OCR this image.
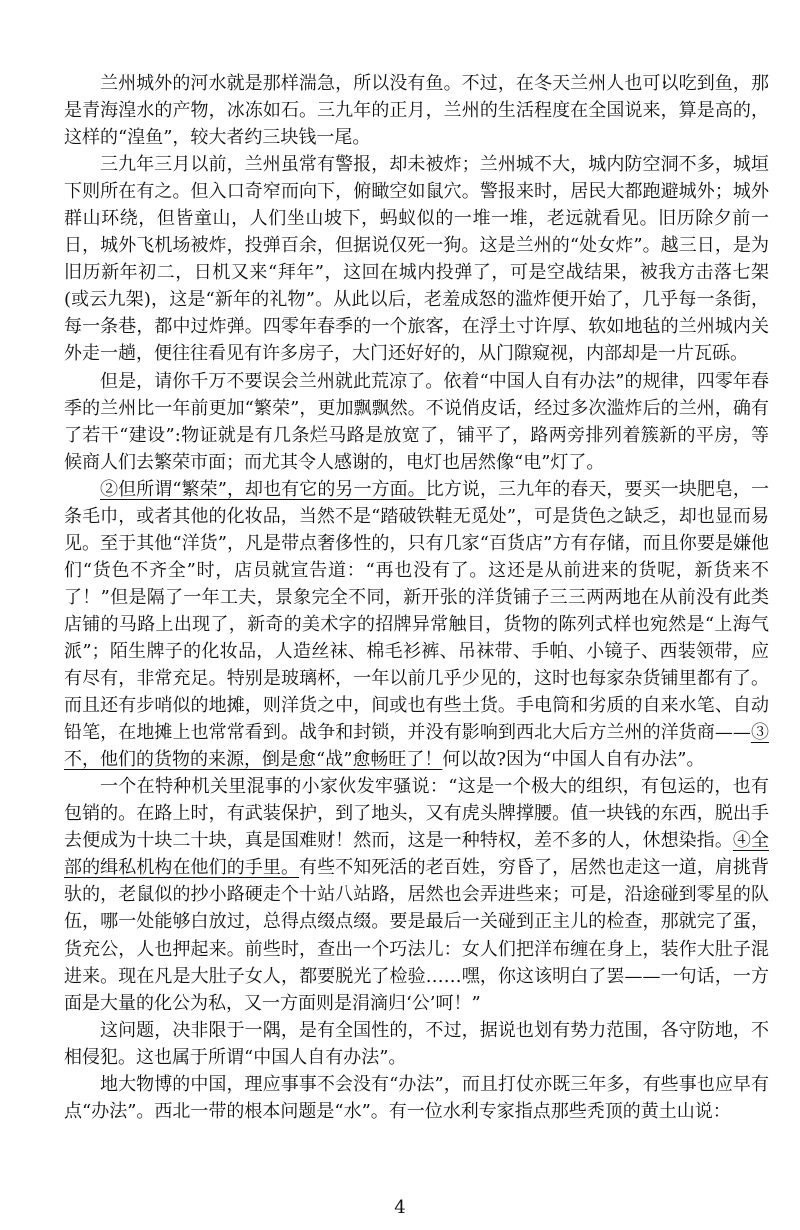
兰州城外的河水就是那样湍急，所以没有鱼。不过，在冬天兰州人也可以吃到鱼，那是青海湟水的产物，冰冻如石。三九年的正月，兰州的生活程度在全国说来，算是高的，这样的“湟鱼”，较大者约三块钱一尾。

三九年三月以前，兰州虽常有警报，却未被炸；兰州城不大，城内防空洞不多，城垣下则所在有之。但入口奇窄而向下，俯瞰空如鼠穴。警报来时，居民大都跑避城外；城外群山环绕，但皆童山，人们坐山坡下，蚂蚁似的一堆一堆，老远就看见。旧历除夕前一日，城外飞机场被炸，投弹百余，但据说仅死一狗。这是兰州的“处女炸”。越三日，是为旧历新年初二，日机又来“拜年”，这回在城内投弹了，可是空战结果，被我方击落七架(或云九架)，这是“新年的礼物”。从此以后，老羞成怒的滥炸便开始了，几乎每一条街，每一条巷，都中过炸弹。四零年春季的一个旅客，在浮土寸许厚、软如地毡的兰州城内关外走一趟，便往往看见有许多房子，大门还好好的，从门隙窥视，内部却是一片瓦砾。

但是，请你千万不要误会兰州就此荒凉了。依着“中国人自有办法”的规律，四零年春季的兰州比一年前更加“繁荣”，更加飘飘然。不说俏皮话，经过多次滥炸后的兰州，确有了若干“建设”:物证就是有几条烂马路是放宽了，铺平了，路两旁排列着簇新的平房，等候商人们去繁荣市面；而尤其令人感谢的，电灯也居然像“电”灯了。

②但所谓“繁荣”，却也有它的另一方面。比方说，三九年的春天，要买一块肥皂，一条毛巾，或者其他的化妆品，当然不是“踏破铁鞋无觅处”，可是货色之缺乏，却也显而易见。至于其他“洋货”，凡是带点奢侈性的，只有几家“百货店”方有存储，而且你要是嫌他们“货色不齐全”时，店员就宣告道：“再也没有了。这还是从前进来的货呢，新货来不了！”但是隔了一年工夫，景象完全不同，新开张的洋货铺子三三两两地在从前没有此类店铺的马路上出现了，新奇的美术字的招牌异常触目，货物的陈列式样也宛然是“上海气派”；陌生牌子的化妆品，人造丝袜、棉毛衫裤、吊袜带、手帕、小镜子、西装领带，应有尽有，非常充足。特别是玻璃杯，一年以前几乎少见的，这时也每家杂货铺里都有了。而且还有步哨似的地摊，则洋货之中，间或也有些土货。手电筒和劣质的自来水笔、自动铅笔，在地摊上也常常看到。战争和封锁，并没有影响到西北大后方兰州的洋货商——③不，他们的货物的来源，倒是愈“战”愈畅旺了！何以故?因为“中国人自有办法”。

一个在特种机关里混事的小家伙发牢骚说：“这是一个极大的组织，有包运的，也有包销的。在路上时，有武装保护，到了地头，又有虎头牌撑腰。值一块钱的东西，脱出手去便成为十块二十块，真是国难财！然而，这是一种特权，差不多的人，休想染指。④全部的缉私机构在他们的手里。有些不知死活的老百姓，穷昏了，居然也走这一道，肩挑背驮的，老鼠似的抄小路硬走个十站八站路，居然也会弄进些来；可是，沿途碰到零星的队伍，哪一处能够白放过，总得点缀点缀。要是最后一关碰到正主儿的检查，那就完了蛋，货充公，人也押起来。前些时，查出一个巧法儿：女人们把洋布缠在身上，装作大肚子混进来。现在凡是大肚子女人，都要脱光了检验……嘿，你这该明白了罢——一句话，一方面是大量的化公为私，又一方面则是涓滴归‘公’呵！”

这问题，决非限于一隅，是有全国性的，不过，据说也划有势力范围，各守防地，不相侵犯。这也属于所谓“中国人自有办法”。

地大物博的中国，理应事事不会没有“办法”，而且打仗亦既三年多，有些事也应早有点“办法”。西北一带的根本问题是“水”。有一位水利专家指点那些秃顶的黄土山说：

4
